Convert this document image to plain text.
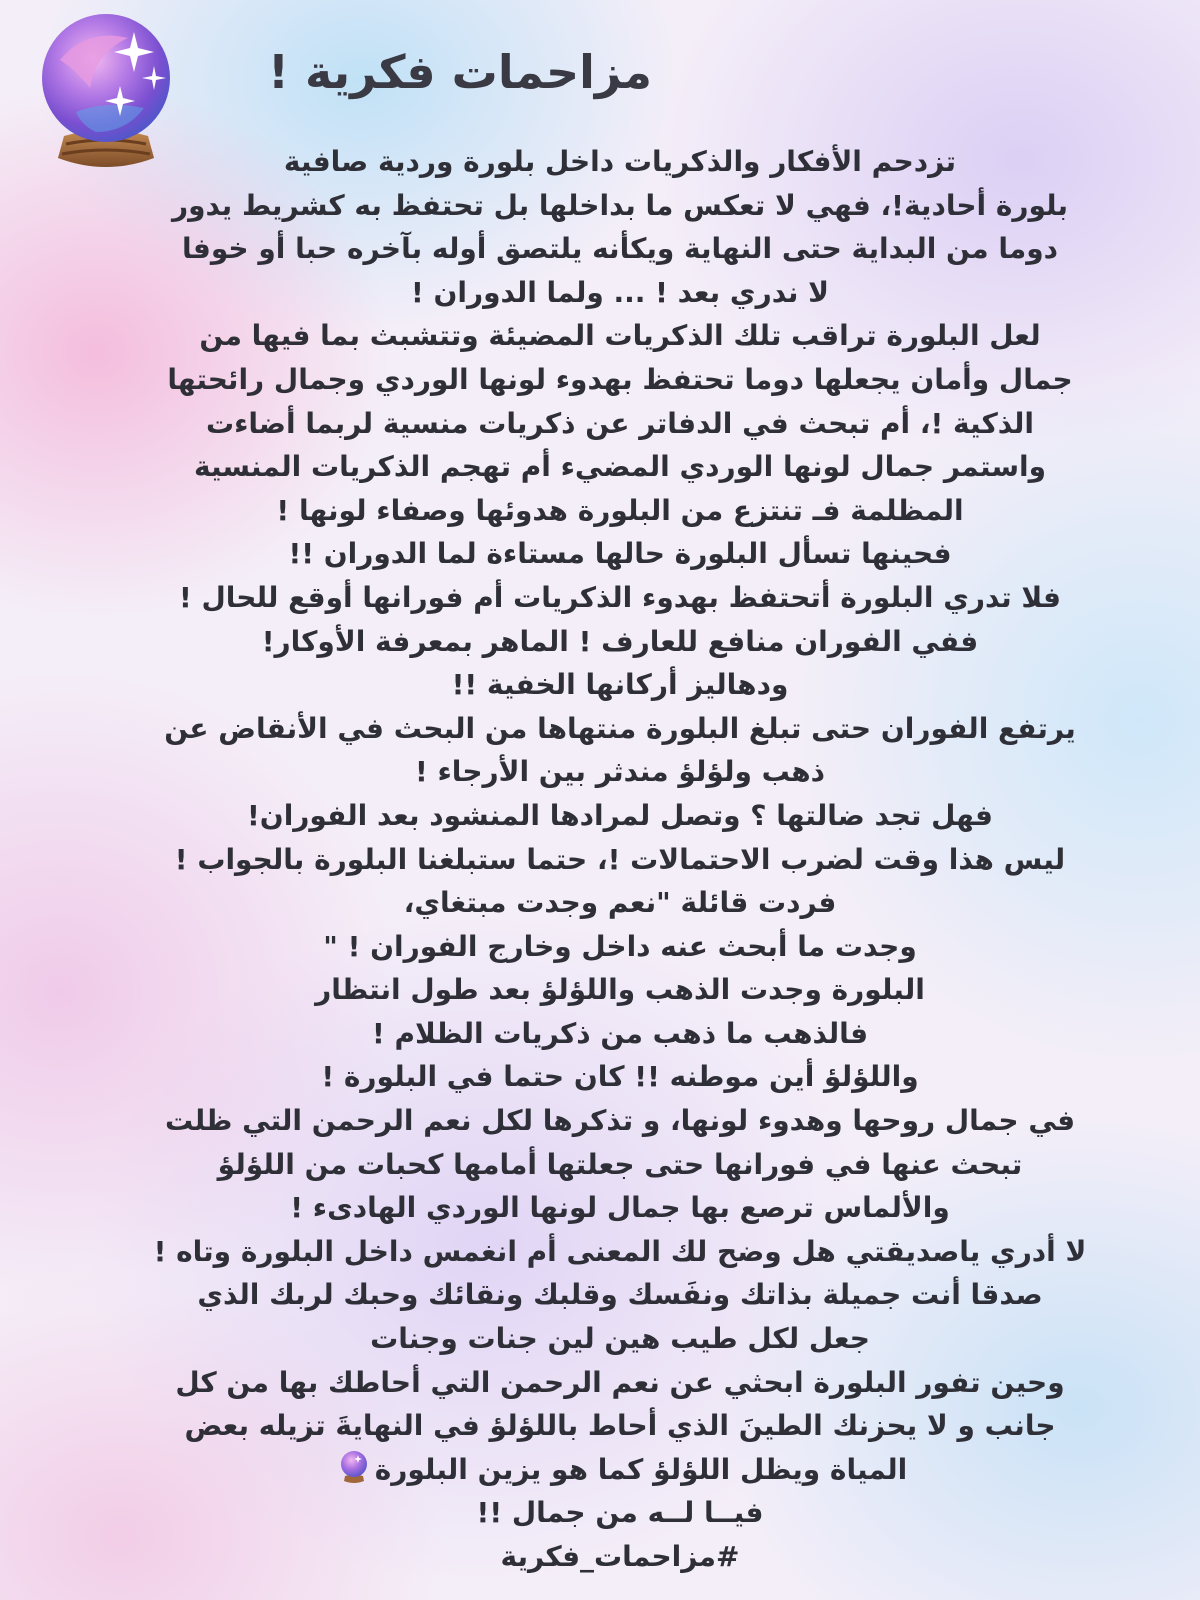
مزاحمات فكرية !
تزدحم الأفكار والذكريات داخل بلورة وردية صافية
بلورة أحادية!، فهي لا تعكس ما بداخلها بل تحتفظ به كشريط يدور
دوما من البداية حتى النهاية ويكأنه يلتصق أوله بآخره حبا أو خوفا
لا ندري بعد ! ... ولما الدوران !
لعل البلورة تراقب تلك الذكريات المضيئة وتتشبث بما فيها من
جمال وأمان يجعلها دوما تحتفظ بهدوء لونها الوردي وجمال رائحتها
الذكية !، أم تبحث في الدفاتر عن ذكريات منسية لربما أضاءت
واستمر جمال لونها الوردي المضيء أم تهجم الذكريات المنسية
المظلمة فـ تنتزع من البلورة هدوئها وصفاء لونها !
فحينها تسأل البلورة حالها مستاءة لما الدوران !!
فلا تدري البلورة أتحتفظ بهدوء الذكريات أم فورانها أوقع للحال !
ففي الفوران منافع للعارف ! الماهر بمعرفة الأوكار!
ودهاليز أركانها الخفية !!
يرتفع الفوران حتى تبلغ البلورة منتهاها من البحث في الأنقاض عن
ذهب ولؤلؤ مندثر بين الأرجاء !
فهل تجد ضالتها ؟ وتصل لمرادها المنشود بعد الفوران!
ليس هذا وقت لضرب الاحتمالات !، حتما ستبلغنا البلورة بالجواب !
فردت قائلة "نعم وجدت مبتغاي،
وجدت ما أبحث عنه داخل وخارج الفوران ! "
البلورة وجدت الذهب واللؤلؤ بعد طول انتظار
فالذهب ما ذهب من ذكريات الظلام !
واللؤلؤ أين موطنه !! كان حتما في البلورة !
في جمال روحها وهدوء لونها، و تذكرها لكل نعم الرحمن التي ظلت
تبحث عنها في فورانها حتى جعلتها أمامها كحبات من اللؤلؤ
والألماس ترصع بها جمال لونها الوردي الهادىء !
لا أدري ياصديقتي هل وضح لك المعنى أم انغمس داخل البلورة وتاه !
صدقا أنت جميلة بذاتك ونفَسك وقلبك ونقائك وحبك لربك الذي
جعل لكل طيب هين لين جنات وجنات
وحين تفور البلورة ابحثي عن نعم الرحمن التي أحاطك بها من كل
جانب و لا يحزنك الطينَ الذي أحاط باللؤلؤ في النهايةَ تزيله بعض
المياة ويظل اللؤلؤ كما هو يزين البلورة
فيــا لــه من جمال !!
#مزاحمات_فكرية
